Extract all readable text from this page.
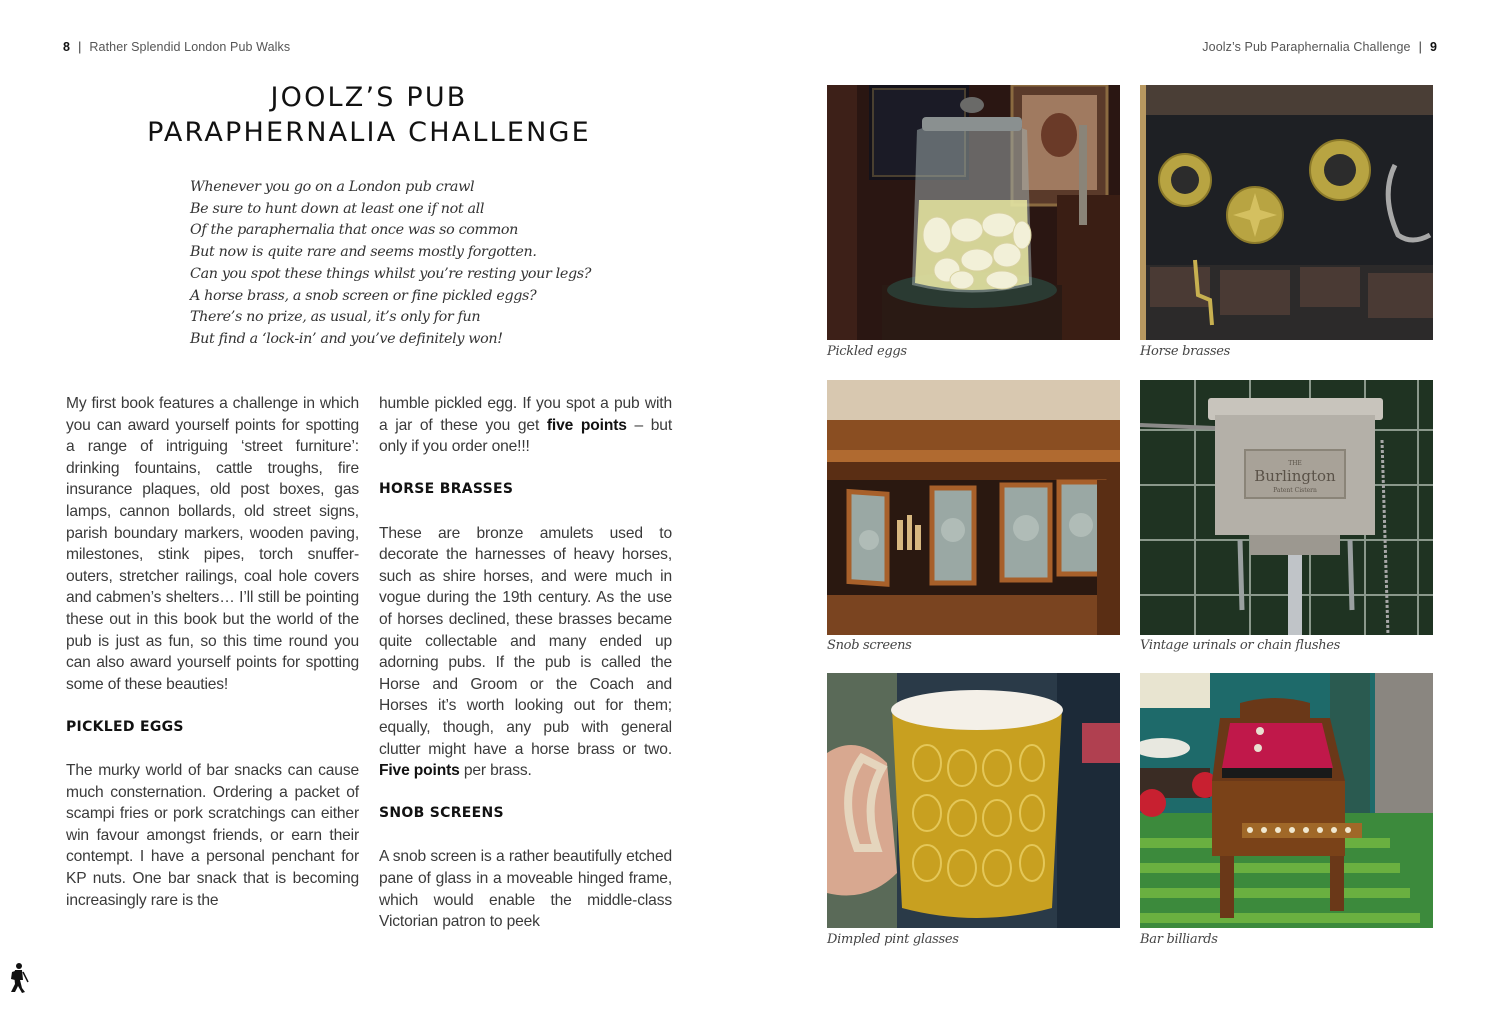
8 | Rather Splendid London Pub Walks	Joolz’s Pub Paraphernalia Challenge | 9
JOOLZ’S PUB
PARAPHERNALIA CHALLENGE
Whenever you go on a London pub crawl
Be sure to hunt down at least one if not all
Of the paraphernalia that once was so common
But now is quite rare and seems mostly forgotten.
Can you spot these things whilst you’re resting your legs?
A horse brass, a snob screen or fine pickled eggs?
There’s no prize, as usual, it’s only for fun
But find a ‘lock-in’ and you’ve definitely won!

My first book features a challenge in which you can award yourself points for spotting a range of intriguing ‘street furniture’: drinking fountains, cattle troughs, fire insurance plaques, old post boxes, gas lamps, cannon bollards, old street signs, parish boundary markers, wooden paving, milestones, stink pipes, torch snuffer-outers, stretcher railings, coal hole covers and cabmen’s shelters… I’ll still be pointing these out in this book but the world of the pub is just as fun, so this time round you can also award yourself points for spotting some of these beauties!

PICKLED EGGS

The murky world of bar snacks can cause much consternation. Ordering a packet of scampi fries or pork scratchings can either win favour amongst friends, or earn their contempt. I have a personal penchant for KP nuts. One bar snack that is becoming increasingly rare is the

humble pickled egg. If you spot a pub with a jar of these you get five points – but only if you order one!!!

HORSE BRASSES

These are bronze amulets used to decorate the harnesses of heavy horses, such as shire horses, and were much in vogue during the 19th century. As the use of horses declined, these brasses became quite collectable and many ended up adorning pubs. If the pub is called the Horse and Groom or the Coach and Horses it’s worth looking out for them; equally, though, any pub with general clutter might have a horse brass or two. Five points per brass.

SNOB SCREENS

A snob screen is a rather beautifully etched pane of glass in a moveable hinged frame, which would enable the middle-class Victorian patron to peek

Pickled eggs	Horse brasses
Snob screens
THE
Burlington
Patent Cistern
Vintage urinals or chain flushes
Dimpled pint glasses	Bar billiards
